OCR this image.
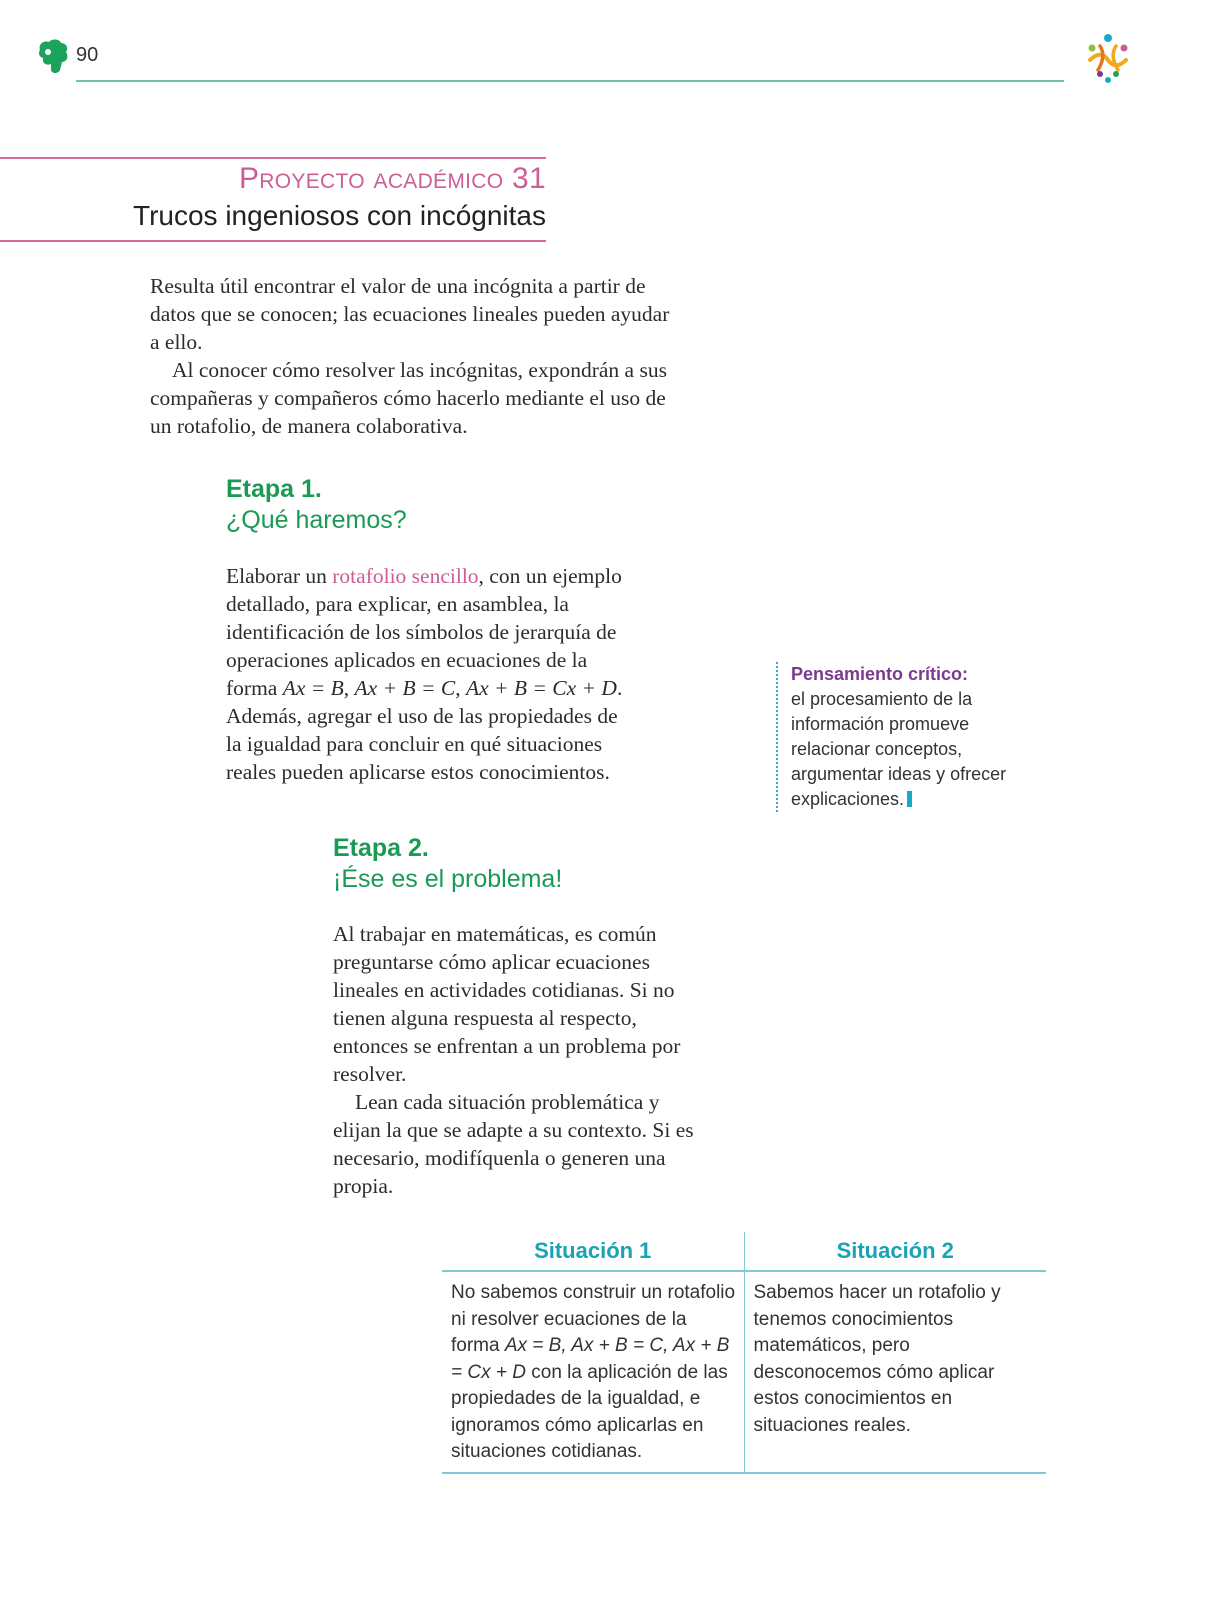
90
Proyecto académico 31
Trucos ingeniosos con incógnitas

Resulta útil encontrar el valor de una incógnita a partir de datos que se conocen; las ecuaciones lineales pueden ayudar a ello.

Al conocer cómo resolver las incógnitas, expondrán a sus compañeras y compañeros cómo hacerlo mediante el uso de un rotafolio, de manera colaborativa.

Etapa 1.
¿Qué haremos?

Elaborar un rotafolio sencillo, con un ejemplo detallado, para explicar, en asamblea, la identificación de los símbolos de jerarquía de operaciones aplicados en ecuaciones de la forma Ax = B, Ax + B = C, Ax + B = Cx + D. Además, agregar el uso de las propiedades de la igualdad para concluir en qué situaciones reales pueden aplicarse estos conocimientos.

Pensamiento crítico:
el procesamiento de la información promueve relacionar conceptos, argumentar ideas y ofrecer explicaciones.
Etapa 2.
¡Ése es el problema!

Al trabajar en matemáticas, es común preguntarse cómo aplicar ecuaciones lineales en actividades cotidianas. Si no tienen alguna respuesta al respecto, entonces se enfrentan a un problema por resolver.

Lean cada situación problemática y elijan la que se adapte a su contexto. Si es necesario, modifíquenla o generen una propia.

Situación 1	Situación 2
No sabemos construir un rotafolio ni resolver ecuaciones de la forma Ax = B, Ax + B = C, Ax + B = Cx + D con la aplicación de las propiedades de la igualdad, e ignoramos cómo aplicarlas en situaciones cotidianas.	Sabemos hacer un rotafolio y tenemos conocimientos matemáticos, pero desconocemos cómo aplicar estos conocimientos en situaciones reales.
